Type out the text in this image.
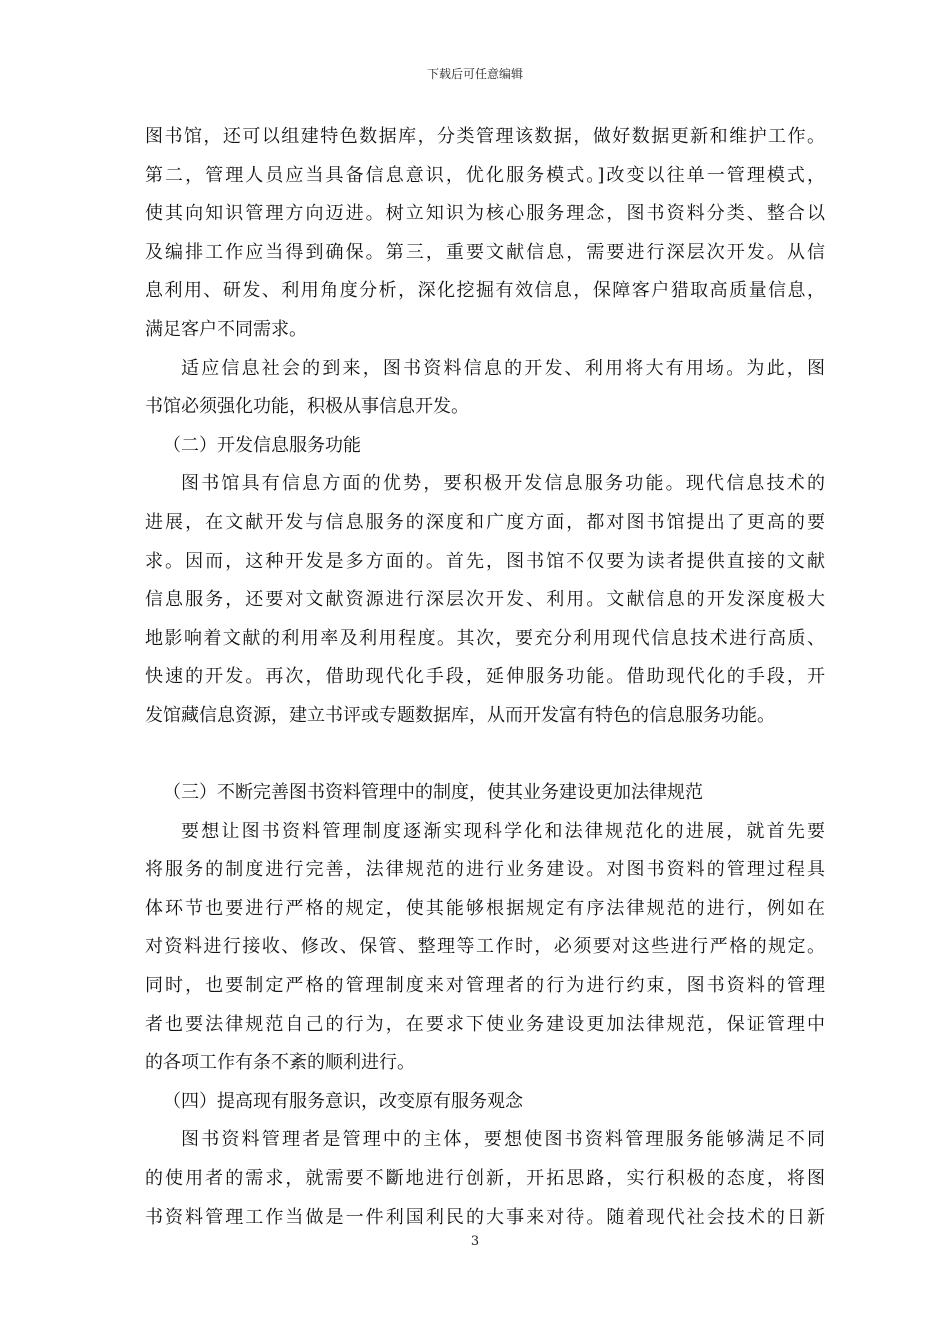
下载后可任意编辑
图书馆，还可以组建特色数据库，分类管理该数据，做好数据更新和维护工作。
第二，管理人员应当具备信息意识，优化服务模式。]改变以往单一管理模式，
使其向知识管理方向迈进。树立知识为核心服务理念，图书资料分类、整合以
及编排工作应当得到确保。第三，重要文献信息，需要进行深层次开发。从信
息利用、研发、利用角度分析，深化挖掘有效信息，保障客户猎取高质量信息，
满足客户不同需求。
适应信息社会的到来，图书资料信息的开发、利用将大有用场。为此，图
书馆必须强化功能，积极从事信息开发。
（二）开发信息服务功能
图书馆具有信息方面的优势，要积极开发信息服务功能。现代信息技术的
进展，在文献开发与信息服务的深度和广度方面，都对图书馆提出了更高的要
求。因而，这种开发是多方面的。首先，图书馆不仅要为读者提供直接的文献
信息服务，还要对文献资源进行深层次开发、利用。文献信息的开发深度极大
地影响着文献的利用率及利用程度。其次，要充分利用现代信息技术进行高质、
快速的开发。再次，借助现代化手段，延伸服务功能。借助现代化的手段，开
发馆藏信息资源，建立书评或专题数据库，从而开发富有特色的信息服务功能。
（三）不断完善图书资料管理中的制度，使其业务建设更加法律规范
要想让图书资料管理制度逐渐实现科学化和法律规范化的进展，就首先要
将服务的制度进行完善，法律规范的进行业务建设。对图书资料的管理过程具
体环节也要进行严格的规定，使其能够根据规定有序法律规范的进行，例如在
对资料进行接收、修改、保管、整理等工作时，必须要对这些进行严格的规定。
同时，也要制定严格的管理制度来对管理者的行为进行约束，图书资料的管理
者也要法律规范自己的行为，在要求下使业务建设更加法律规范，保证管理中
的各项工作有条不紊的顺利进行。
（四）提高现有服务意识，改变原有服务观念
图书资料管理者是管理中的主体，要想使图书资料管理服务能够满足不同
的使用者的需求，就需要不斷地进行创新，开拓思路，实行积极的态度，将图
书资料管理工作当做是一件利国利民的大事来对待。随着现代社会技术的日新
3
